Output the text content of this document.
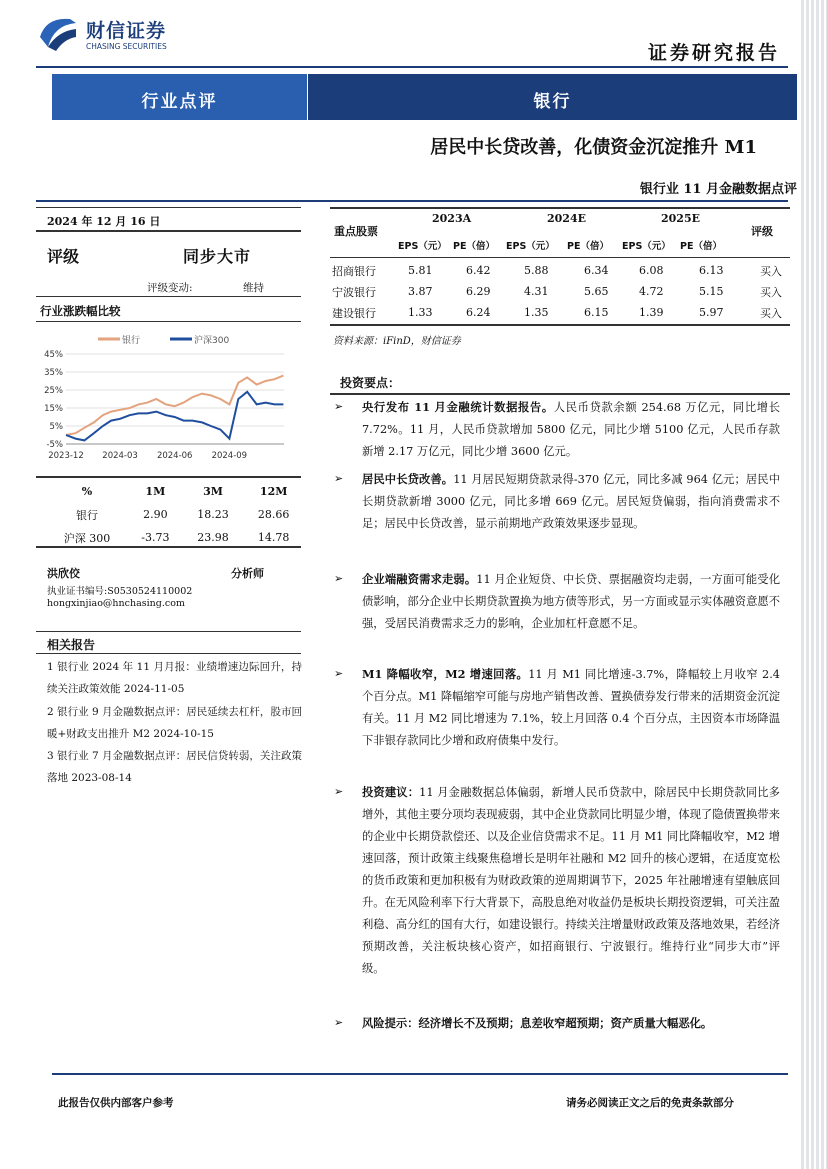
财信证券
CHASING SECURITIES	证券研究报告
行业点评	银行
居民中长贷改善，化债资金沉淀推升 M1
银行业 11 月金融数据点评
2024 年 12 月 16 日
评级	同步大市
评级变动:	维持
行业涨跌幅比较
银行	沪深300
45%
35%
25%
15%
5%
-5%
2023-12 2024-03 2024-06 2024-09
%	1M	3M	12M
银行	2.90	18.23	28.66
沪深 300	-3.73	23.98	14.78
洪欣佼	分析师
执业证书编号:S0530524110002
hongxinjiao@hnchasing.com
相关报告
1 银行业 2024 年 11 月月报：业绩增速边际回升，持续关注政策效能 2024-11-05
2 银行业 9 月金融数据点评：居民延续去杠杆，股市回暖+财政支出推升 M2 2024-10-15
3 银行业 7 月金融数据点评：居民信贷转弱，关注政策落地 2023-08-14
重点股票
2023A	2024E	2025E
评级
EPS（元） PE（倍） EPS（元） PE（倍） EPS（元） PE（倍）
招商银行	5.81	6.42	5.88	6.34	6.08	6.13	买入
宁波银行	3.87	6.29	4.31	5.65	4.72	5.15	买入
建设银行	1.33	6.24	1.35	6.15	1.39	5.97	买入
资料来源：iFinD，财信证券
投资要点：
➢ 央行发布 11 月金融统计数据报告。人民币贷款余额 254.68 万亿元，同比增长 7.72%。11 月，人民币贷款增加 5800 亿元，同比少增 5100 亿元，人民币存款新增 2.17 万亿元，同比少增 3600 亿元。
➢ 居民中长贷改善。11 月居民短期贷款录得-370 亿元，同比多减 964 亿元；居民中长期贷款新增 3000 亿元，同比多增 669 亿元。居民短贷偏弱，指向消费需求不足；居民中长贷改善，显示前期地产政策效果逐步显现。
➢ 企业端融资需求走弱。11 月企业短贷、中长贷、票据融资均走弱，一方面可能受化债影响，部分企业中长期贷款置换为地方债等形式，另一方面或显示实体融资意愿不强，受居民消费需求乏力的影响，企业加杠杆意愿不足。
➢ M1 降幅收窄，M2 增速回落。11 月 M1 同比增速-3.7%，降幅较上月收窄 2.4 个百分点。M1 降幅缩窄可能与房地产销售改善、置换债券发行带来的活期资金沉淀有关。11 月 M2 同比增速为 7.1%，较上月回落 0.4 个百分点，主因资本市场降温下非银存款同比少增和政府债集中发行。
➢ 投资建议：11 月金融数据总体偏弱，新增人民币贷款中，除居民中长期贷款同比多增外，其他主要分项均表现疲弱，其中企业贷款同比明显少增，体现了隐债置换带来的企业中长期贷款偿还、以及企业信贷需求不足。11 月 M1 同比降幅收窄，M2 增速回落，预计政策主线聚焦稳增长是明年社融和 M2 回升的核心逻辑，在适度宽松的货币政策和更加积极有为财政政策的逆周期调节下，2025 年社融增速有望触底回升。在无风险利率下行大背景下，高股息绝对收益仍是板块长期投资逻辑，可关注盈利稳、高分红的国有大行，如建设银行。持续关注增量财政政策及落地效果，若经济预期改善，关注板块核心资产，如招商银行、宁波银行。维持行业“同步大市”评级。
➢ 风险提示：经济增长不及预期；息差收窄超预期；资产质量大幅恶化。
此报告仅供内部客户参考	请务必阅读正文之后的免责条款部分
